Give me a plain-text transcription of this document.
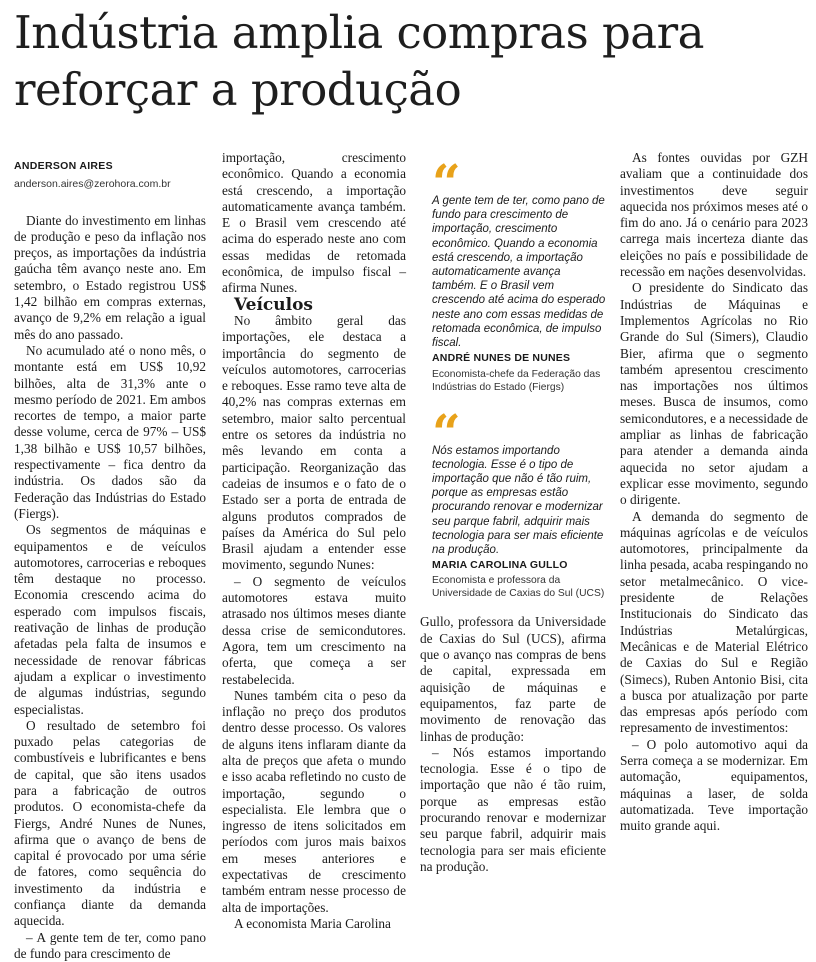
Indústria amplia compras para reforçar a produção
ANDERSON AIRES
anderson.aires@zerohora.com.br

Diante do investimento em linhas de produção e peso da inflação nos preços, as importações da indústria gaúcha têm avanço neste ano. Em setembro, o Estado registrou US$ 1,42 bilhão em compras externas, avanço de 9,2% em relação a igual mês do ano passado.

No acumulado até o nono mês, o montante está em US$ 10,92 bilhões, alta de 31,3% ante o mesmo período de 2021. Em ambos recortes de tempo, a maior parte desse volume, cerca de 97% – US$ 1,38 bilhão e US$ 10,57 bilhões, respectivamente – fica dentro da indústria. Os dados são da Federação das Indústrias do Estado (Fiergs).

Os segmentos de máquinas e equipamentos e de veículos automotores, carrocerias e reboques têm destaque no processo. Economia crescendo acima do esperado com impulsos fiscais, reativação de linhas de produção afetadas pela falta de insumos e necessidade de renovar fábricas ajudam a explicar o investimento de algumas indústrias, segundo especialistas.

O resultado de setembro foi puxado pelas categorias de combustíveis e lubrificantes e bens de capital, que são itens usados para a fabricação de outros produtos. O economista-chefe da Fiergs, André Nunes de Nunes, afirma que o avanço de bens de capital é provocado por uma série de fatores, como sequência do investimento da indústria e confiança diante da demanda aquecida.

– A gente tem de ter, como pano de fundo para crescimento de

importação, crescimento econômico. Quando a economia está crescendo, a importação automaticamente avança também. E o Brasil vem crescendo até acima do esperado neste ano com essas medidas de retomada econômica, de impulso fiscal – afirma Nunes.

Veículos

No âmbito geral das importações, ele destaca a importância do segmento de veículos automotores, carrocerias e reboques. Esse ramo teve alta de 40,2% nas compras externas em setembro, maior salto percentual entre os setores da indústria no mês levando em conta a participação. Reorganização das cadeias de insumos e o fato de o Estado ser a porta de entrada de alguns produtos comprados de países da América do Sul pelo Brasil ajudam a entender esse movimento, segundo Nunes:

– O segmento de veículos automotores estava muito atrasado nos últimos meses diante dessa crise de semicondutores. Agora, tem um crescimento na oferta, que começa a ser restabelecida.

Nunes também cita o peso da inflação no preço dos produtos dentro desse processo. Os valores de alguns itens inflaram diante da alta de preços que afeta o mundo e isso acaba refletindo no custo de importação, segundo o especialista. Ele lembra que o ingresso de itens solicitados em períodos com juros mais baixos em meses anteriores e expectativas de crescimento também entram nesse processo de alta de importações.

A economista Maria Carolina

“

A gente tem de ter, como pano de fundo para crescimento de importação, crescimento econômico. Quando a economia está crescendo, a importação automaticamente avança também. E o Brasil vem crescendo até acima do esperado neste ano com essas medidas de retomada econômica, de impulso fiscal.

ANDRÉ NUNES DE NUNES
Economista-chefe da Federação das Indústrias do Estado (Fiergs)
“

Nós estamos importando tecnologia. Esse é o tipo de importação que não é tão ruim, porque as empresas estão procurando renovar e modernizar seu parque fabril, adquirir mais tecnologia para ser mais eficiente na produção.

MARIA CAROLINA GULLO
Economista e professora da Universidade de Caxias do Sul (UCS)

Gullo, professora da Universidade de Caxias do Sul (UCS), afirma que o avanço nas compras de bens de capital, expressada em aquisição de máquinas e equipamentos, faz parte de movimento de renovação das linhas de produção:

– Nós estamos importando tecnologia. Esse é o tipo de importação que não é tão ruim, porque as empresas estão procurando renovar e modernizar seu parque fabril, adquirir mais tecnologia para ser mais eficiente na produção.

As fontes ouvidas por GZH avaliam que a continuidade dos investimentos deve seguir aquecida nos próximos meses até o fim do ano. Já o cenário para 2023 carrega mais incerteza diante das eleições no país e possibilidade de recessão em nações desenvolvidas.

O presidente do Sindicato das Indústrias de Máquinas e Implementos Agrícolas no Rio Grande do Sul (Simers), Claudio Bier, afirma que o segmento também apresentou crescimento nas importações nos últimos meses. Busca de insumos, como semicondutores, e a necessidade de ampliar as linhas de fabricação para atender a demanda ainda aquecida no setor ajudam a explicar esse movimento, segundo o dirigente.

A demanda do segmento de máquinas agrícolas e de veículos automotores, principalmente da linha pesada, acaba respingando no setor metalmecânico. O vice-presidente de Relações Institucionais do Sindicato das Indústrias Metalúrgicas, Mecânicas e de Material Elétrico de Caxias do Sul e Região (Simecs), Ruben Antonio Bisi, cita a busca por atualização por parte das empresas após período com represamento de investimentos:

– O polo automotivo aqui da Serra começa a se modernizar. Em automação, equipamentos, máquinas a laser, de solda automatizada. Teve importação muito grande aqui.
